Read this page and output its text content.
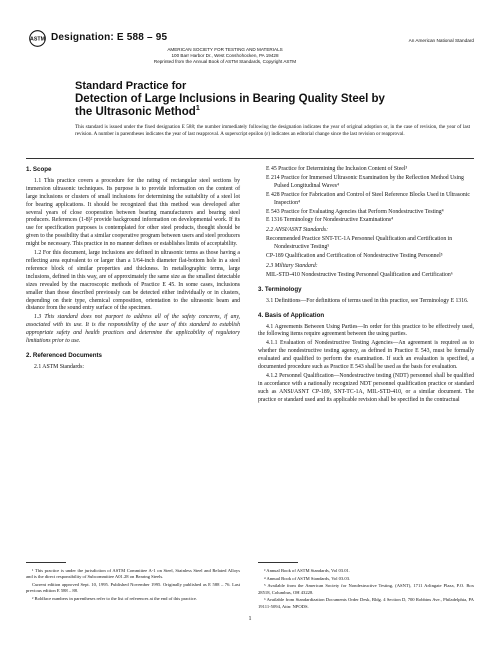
ASTM Designation: E 588 – 95	An American National Standard
AMERICAN SOCIETY FOR TESTING AND MATERIALS
100 Barr Harbor Dr., West Conshohocken, PA 19428
Reprinted from the Annual Book of ASTM Standards, Copyright ASTM
Standard Practice for
Detection of Large Inclusions in Bearing Quality Steel by
the Ultrasonic Method$^1$
This standard is issued under the fixed designation E 588; the number immediately following the designation indicates the year of original adoption or, in the case of revision, the year of last revision. A number in parentheses indicates the year of last reapproval. A superscript epsilon (ε) indicates an editorial change since the last revision or reapproval.
1. Scope

1.1 This practice covers a procedure for the rating of rectangular steel sections by immersion ultrasonic techniques. Its purpose is to provide information on the content of large inclusions or clusters of small inclusions for determining the suitability of a steel lot for bearing applications. It should be recognized that this method was developed after several years of close cooperation between bearing manufacturers and bearing steel producers. References (1-8)² provide background information on developmental work. If its use for specification purposes is contemplated for other steel products, thought should be given to the possibility that a similar cooperative program between users and steel producers might be necessary. This practice in no manner defines or establishes limits of acceptability.

1.2 For this document, large inclusions are defined in ultrasonic terms as those having a reflecting area equivalent to or larger than a 1/64-inch diameter flat-bottom hole in a steel reference block of similar properties and thickness. In metallographic terms, large inclusions, defined in this way, are of approximately the same size as the smallest detectable sizes revealed by the macroscopic methods of Practice E 45. In some cases, inclusions smaller than those described previously can be detected either individually or in clusters, depending on their type, chemical composition, orientation to the ultrasonic beam and distance from the sound entry surface of the specimen.

1.3 This standard does not purport to address all of the safety concerns, if any, associated with its use. It is the responsibility of the user of this standard to establish appropriate safety and health practices and determine the applicability of regulatory limitations prior to use.

2. Referenced Documents

2.1 ASTM Standards:

E 45 Practice for Determining the Inclusion Content of Steel³

E 214 Practice for Immersed Ultrasonic Examination by the Reflection Method Using Pulsed Longitudinal Waves⁴

E 428 Practice for Fabrication and Control of Steel Reference Blocks Used in Ultrasonic Inspection⁴

E 543 Practice for Evaluating Agencies that Perform Nondestructive Testing⁴

E 1316 Terminology for Nondestructive Examinations⁴

2.2 ANSI/ASNT Standards:

Recommended Practice SNT-TC-1A Personnel Qualification and Certification in Nondestructive Testing⁵

CP-189 Qualification and Certification of Nondestructive Testing Personnel⁵

2.3 Military Standard:

MIL-STD-410 Nondestructive Testing Personnel Qualification and Certification⁶

3. Terminology

3.1 Definitions—For definitions of terms used in this practice, see Terminology E 1316.

4. Basis of Application

4.1 Agreements Between Using Parties—In order for this practice to be effectively used, the following items require agreement between the using parties.

4.1.1 Evaluation of Nondestructive Testing Agencies—An agreement is required as to whether the nondestructive testing agency, as defined in Practice E 543, must be formally evaluated and qualified to perform the examination. If such an evaluation is specified, a documented procedure such as Practice E 543 shall be used as the basis for evaluation.

4.1.2 Personnel Qualification—Nondestructive testing (NDT) personnel shall be qualified in accordance with a nationally recognized NDT personnel qualification practice or standard such as ANSI/ASNT CP-189, SNT-TC-1A, MIL-STD-410, or a similar document. The practice or standard used and its applicable revision shall be specified in the contractual

¹ This practice is under the jurisdiction of ASTM Committee A-1 on Steel, Stainless Steel and Related Alloys and is the direct responsibility of Subcommittee A01.28 on Bearing Steels.

Current edition approved Sept. 10, 1995. Published November 1995. Originally published as E 588 – 76. Last previous edition E 588 – 88.

² Boldface numbers in parentheses refer to the list of references at the end of this practice.

³ Annual Book of ASTM Standards, Vol 03.01.

⁴ Annual Book of ASTM Standards, Vol 03.03.

⁵ Available from the American Society for Nondestructive Testing, (ASNT), 1711 Arlingate Plaza, P.O. Box 28518, Columbus, OH 43228.

⁶ Available from Standardization Documents Order Desk, Bldg. 4 Section D, 700 Robbins Ave., Philadelphia, PA 19111-5094, Attn: NPODS.

1
